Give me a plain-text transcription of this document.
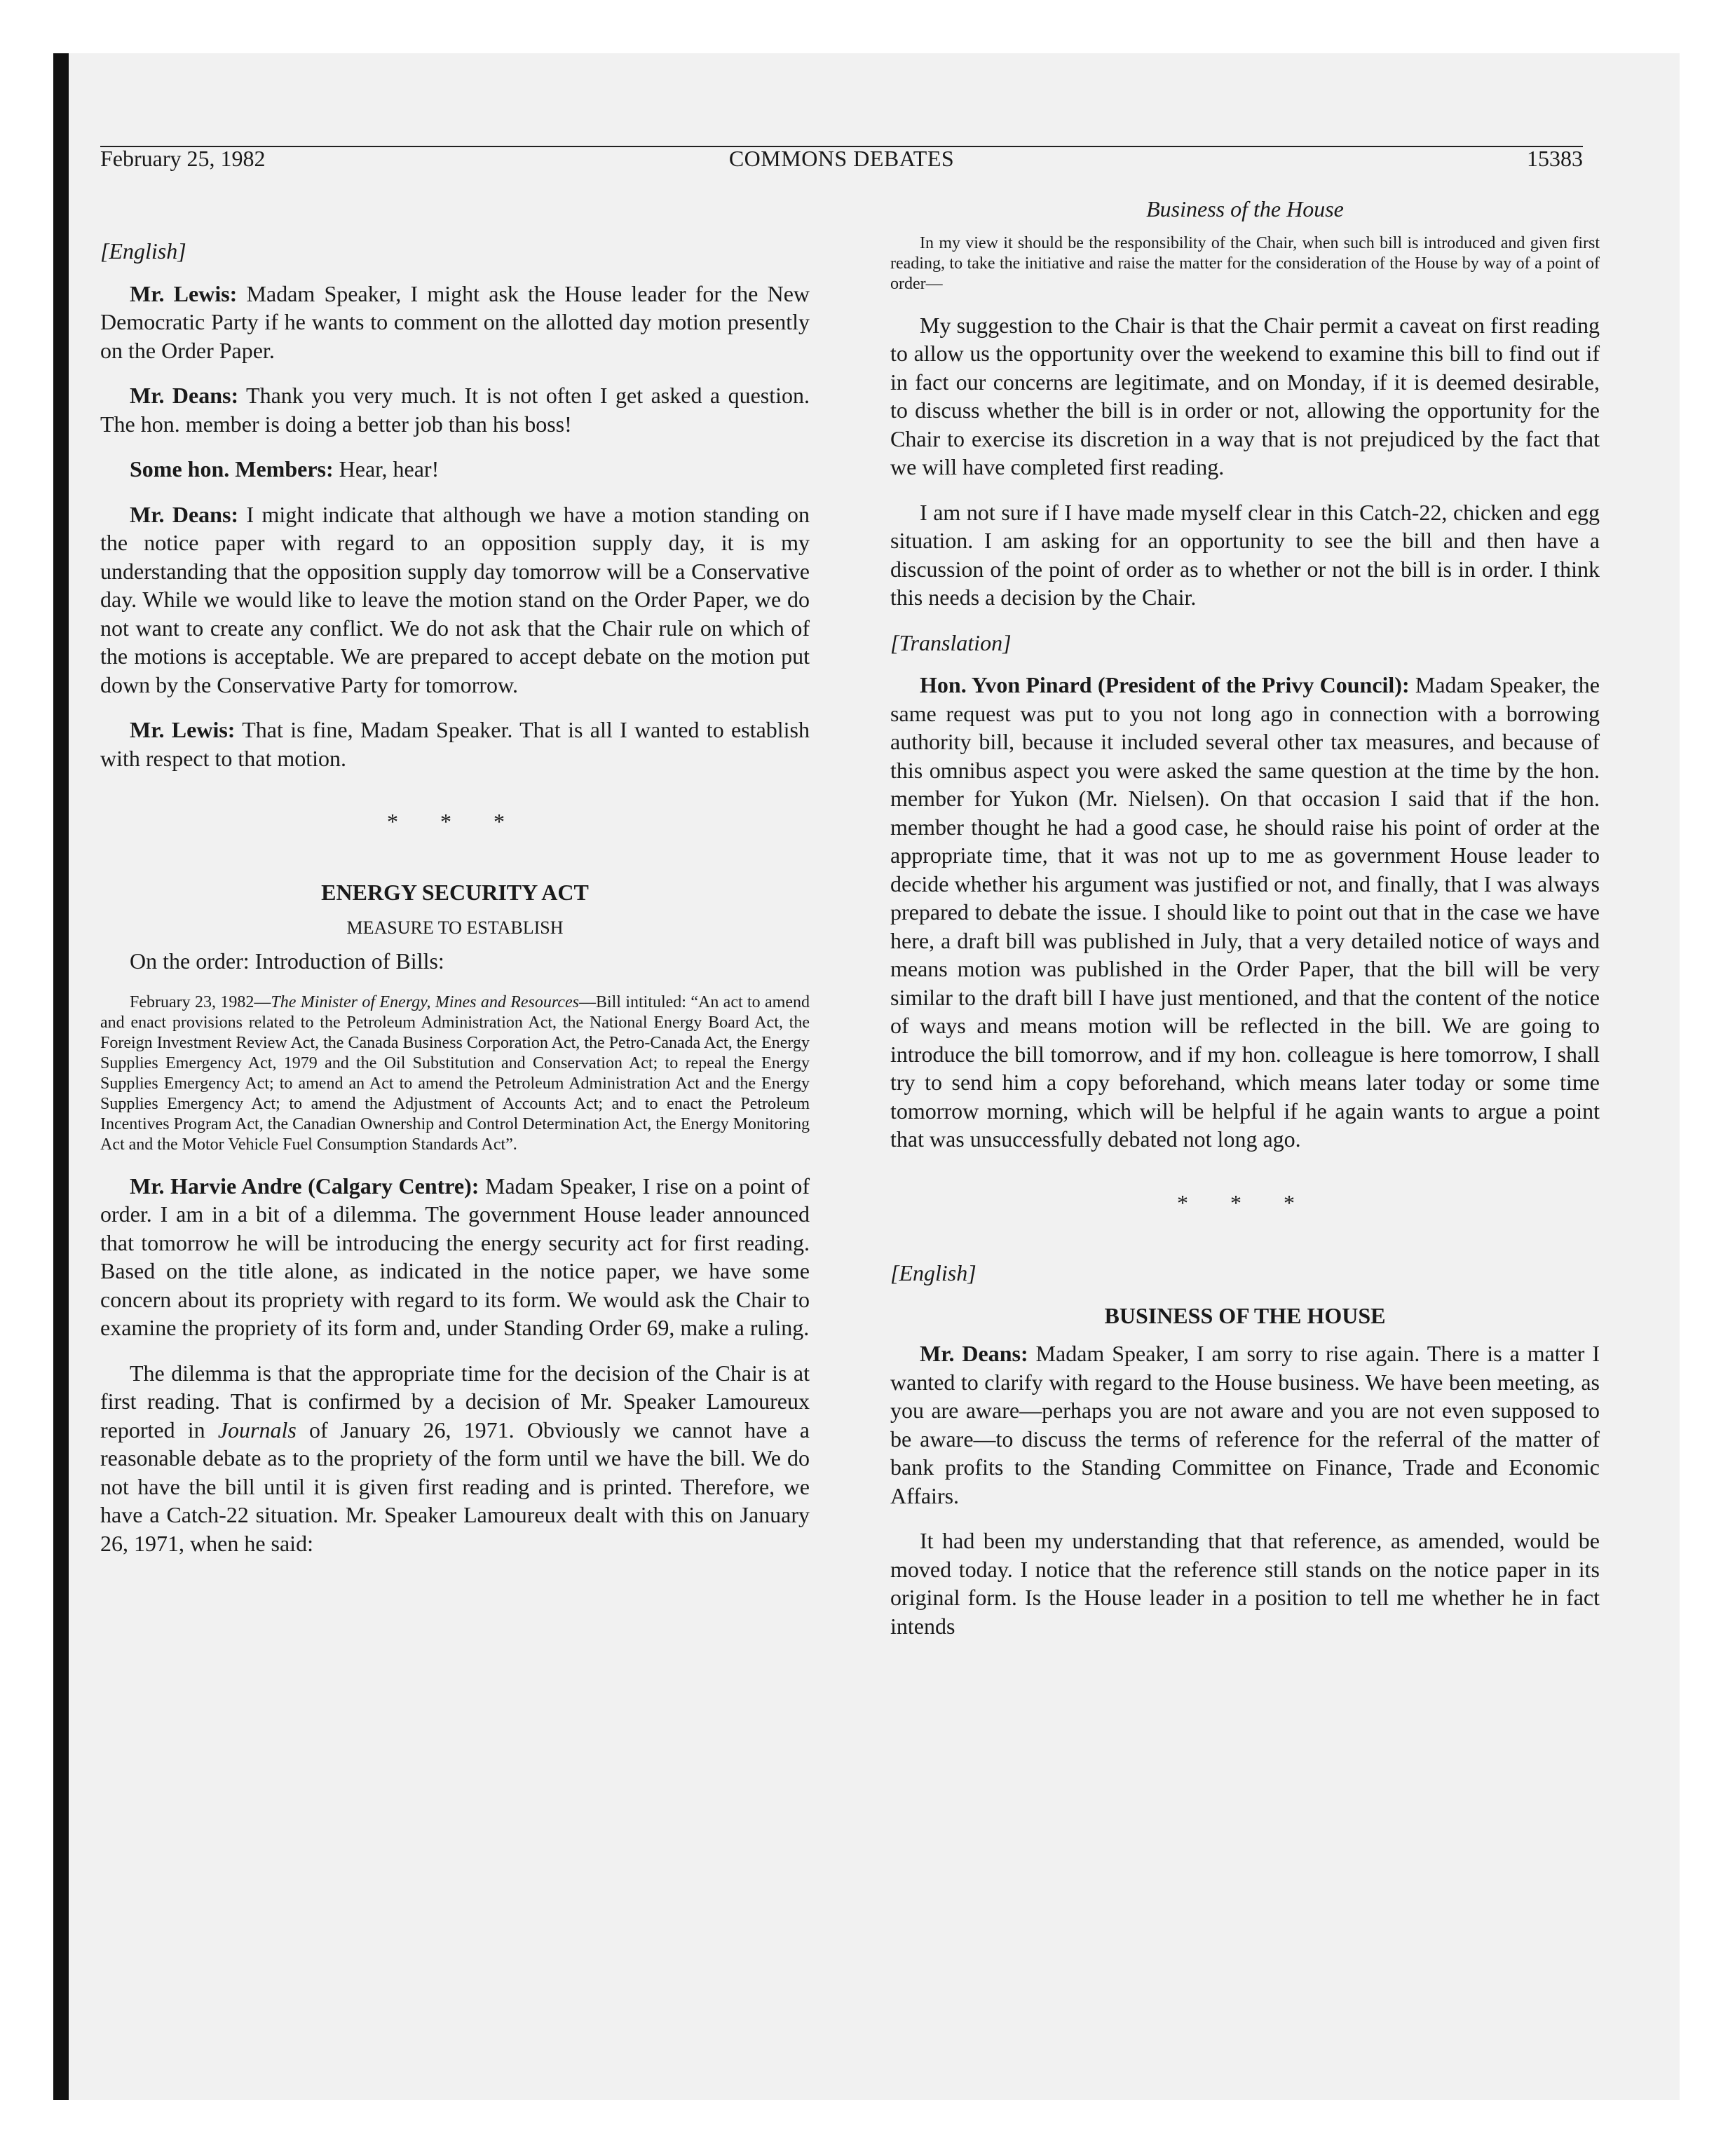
February 25, 1982	COMMONS DEBATES	15383

[English]

Mr. Lewis: Madam Speaker, I might ask the House leader for the New Democratic Party if he wants to comment on the allotted day motion presently on the Order Paper.

Mr. Deans: Thank you very much. It is not often I get asked a question. The hon. member is doing a better job than his boss!

Some hon. Members: Hear, hear!

Mr. Deans: I might indicate that although we have a motion standing on the notice paper with regard to an opposition supply day, it is my understanding that the opposition supply day tomorrow will be a Conservative day. While we would like to leave the motion stand on the Order Paper, we do not want to create any conflict. We do not ask that the Chair rule on which of the motions is acceptable. We are prepared to accept debate on the motion put down by the Conservative Party for tomorrow.

Mr. Lewis: That is fine, Madam Speaker. That is all I wanted to establish with respect to that motion.

* * *

ENERGY SECURITY ACT

MEASURE TO ESTABLISH

On the order: Introduction of Bills:

February 23, 1982—The Minister of Energy, Mines and Resources—Bill intituled: “An act to amend and enact provisions related to the Petroleum Administration Act, the National Energy Board Act, the Foreign Investment Review Act, the Canada Business Corporation Act, the Petro-Canada Act, the Energy Supplies Emergency Act, 1979 and the Oil Substitution and Conservation Act; to repeal the Energy Supplies Emergency Act; to amend an Act to amend the Petroleum Administration Act and the Energy Supplies Emergency Act; to amend the Adjustment of Accounts Act; and to enact the Petroleum Incentives Program Act, the Canadian Ownership and Control Determination Act, the Energy Monitoring Act and the Motor Vehicle Fuel Consumption Standards Act”.

Mr. Harvie Andre (Calgary Centre): Madam Speaker, I rise on a point of order. I am in a bit of a dilemma. The government House leader announced that tomorrow he will be introducing the energy security act for first reading. Based on the title alone, as indicated in the notice paper, we have some concern about its propriety with regard to its form. We would ask the Chair to examine the propriety of its form and, under Standing Order 69, make a ruling.

The dilemma is that the appropriate time for the decision of the Chair is at first reading. That is confirmed by a decision of Mr. Speaker Lamoureux reported in Journals of January 26, 1971. Obviously we cannot have a reasonable debate as to the propriety of the form until we have the bill. We do not have the bill until it is given first reading and is printed. Therefore, we have a Catch-22 situation. Mr. Speaker Lamoureux dealt with this on January 26, 1971, when he said:

Business of the House

In my view it should be the responsibility of the Chair, when such bill is introduced and given first reading, to take the initiative and raise the matter for the consideration of the House by way of a point of order—

My suggestion to the Chair is that the Chair permit a caveat on first reading to allow us the opportunity over the weekend to examine this bill to find out if in fact our concerns are legitimate, and on Monday, if it is deemed desirable, to discuss whether the bill is in order or not, allowing the opportunity for the Chair to exercise its discretion in a way that is not prejudiced by the fact that we will have completed first reading.

I am not sure if I have made myself clear in this Catch-22, chicken and egg situation. I am asking for an opportunity to see the bill and then have a discussion of the point of order as to whether or not the bill is in order. I think this needs a decision by the Chair.

[Translation]

Hon. Yvon Pinard (President of the Privy Council): Madam Speaker, the same request was put to you not long ago in connection with a borrowing authority bill, because it included several other tax measures, and because of this omnibus aspect you were asked the same question at the time by the hon. member for Yukon (Mr. Nielsen). On that occasion I said that if the hon. member thought he had a good case, he should raise his point of order at the appropriate time, that it was not up to me as government House leader to decide whether his argument was justified or not, and finally, that I was always prepared to debate the issue. I should like to point out that in the case we have here, a draft bill was published in July, that a very detailed notice of ways and means motion was published in the Order Paper, that the bill will be very similar to the draft bill I have just mentioned, and that the content of the notice of ways and means motion will be reflected in the bill. We are going to introduce the bill tomorrow, and if my hon. colleague is here tomorrow, I shall try to send him a copy beforehand, which means later today or some time tomorrow morning, which will be helpful if he again wants to argue a point that was unsuccessfully debated not long ago.

* * *

[English]

BUSINESS OF THE HOUSE

Mr. Deans: Madam Speaker, I am sorry to rise again. There is a matter I wanted to clarify with regard to the House business. We have been meeting, as you are aware—perhaps you are not aware and you are not even supposed to be aware—to discuss the terms of reference for the referral of the matter of bank profits to the Standing Committee on Finance, Trade and Economic Affairs.

It had been my understanding that that reference, as amended, would be moved today. I notice that the reference still stands on the notice paper in its original form. Is the House leader in a position to tell me whether he in fact intends
